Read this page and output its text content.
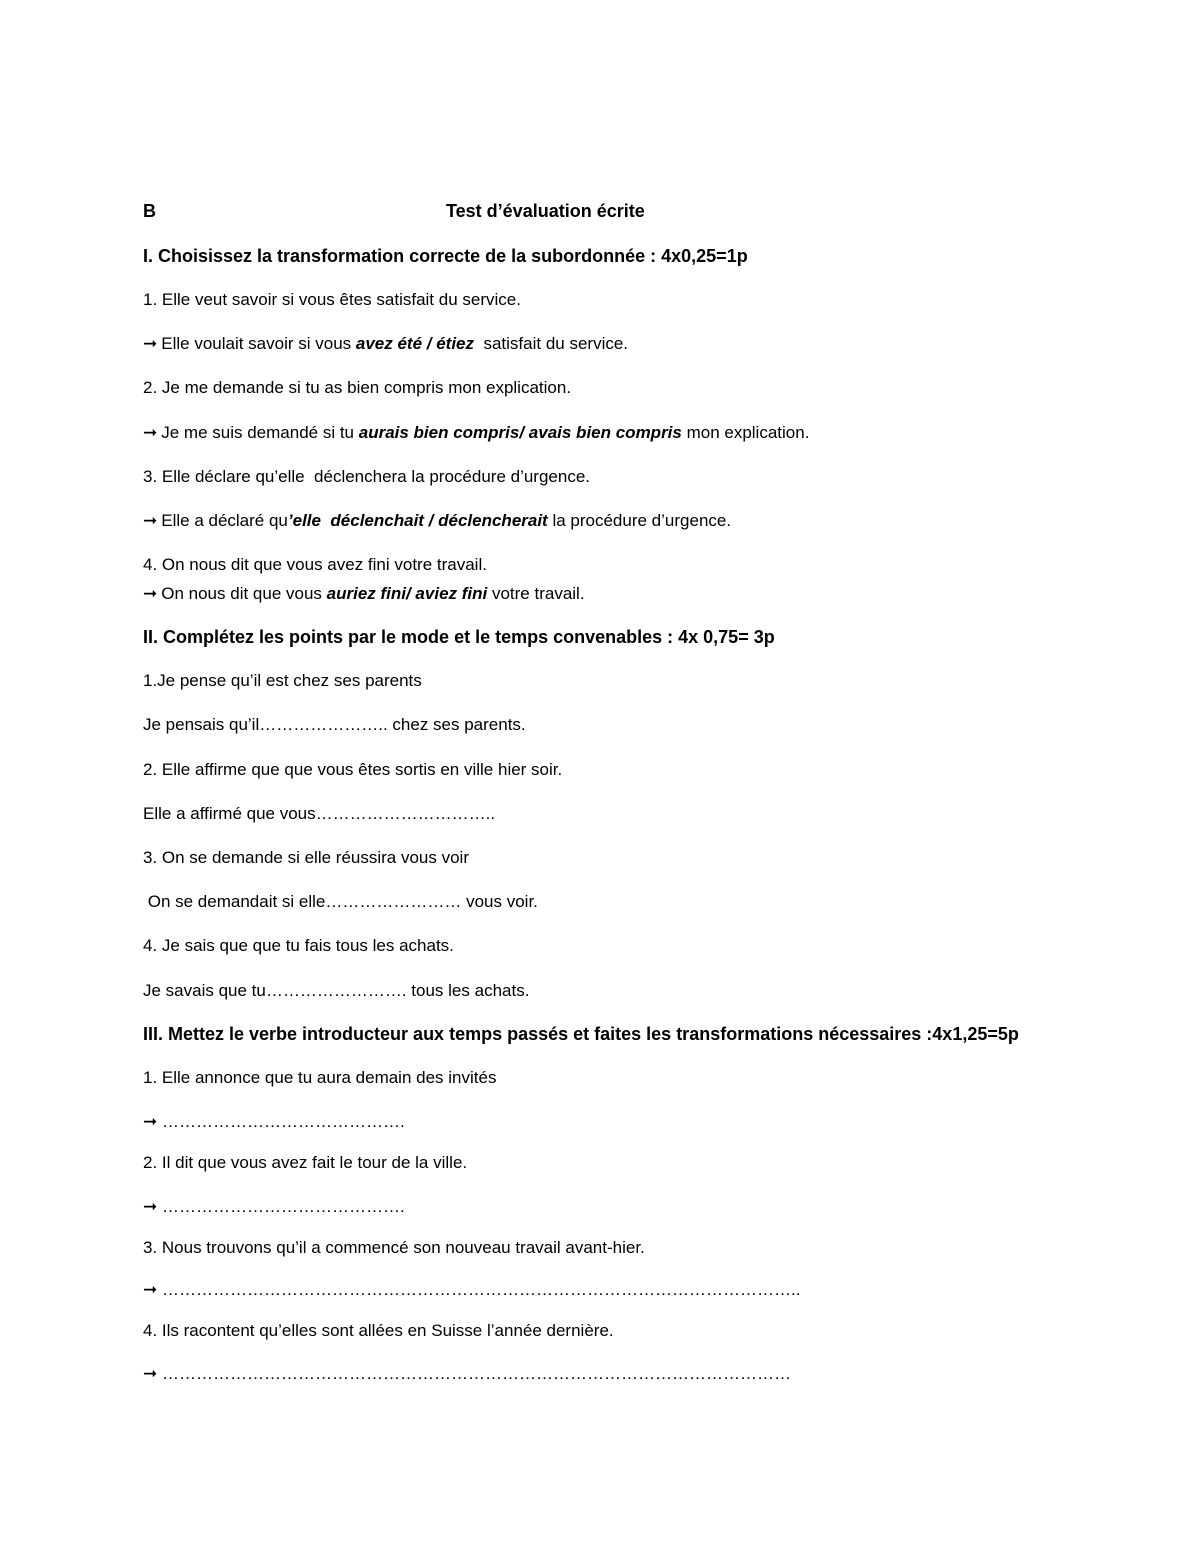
B	Test d’évaluation écrite
I. Choisissez la transformation correcte de la subordonnée : 4x0,25=1p
1. Elle veut savoir si vous êtes satisfait du service.
➞ Elle voulait savoir si vous avez été / étiez  satisfait du service.
2. Je me demande si tu as bien compris mon explication.
➞ Je me suis demandé si tu aurais bien compris/ avais bien compris mon explication.
3. Elle déclare qu’elle  déclenchera la procédure d’urgence.
➞ Elle a déclaré qu’elle  déclenchait / déclencherait la procédure d’urgence.
4. On nous dit que vous avez fini votre travail.
➞ On nous dit que vous auriez fini/ aviez fini votre travail.
II. Complétez les points par le mode et le temps convenables : 4x 0,75= 3p
1.Je pense qu’il est chez ses parents
Je pensais qu’il………………….. chez ses parents.
2. Elle affirme que que vous êtes sortis en ville hier soir.
Elle a affirmé que vous…………………………..
3. On se demande si elle réussira vous voir
On se demandait si elle…………………… vous voir.
4. Je sais que que tu fais tous les achats.
Je savais que tu……………………. tous les achats.
III. Mettez le verbe introducteur aux temps passés et faites les transformations nécessaires :4x1,25=5p
1. Elle annonce que tu aura demain des invités
➞ …………………………………….
2. Il dit que vous avez fait le tour de la ville.
➞ …………………………………….
3. Nous trouvons qu’il a commencé son nouveau travail avant-hier.
➞ …………………………………………………………………………………………………..
4. Ils racontent qu’elles sont allées en Suisse l’année dernière.
➞ …………………………………………………………………………………………………
